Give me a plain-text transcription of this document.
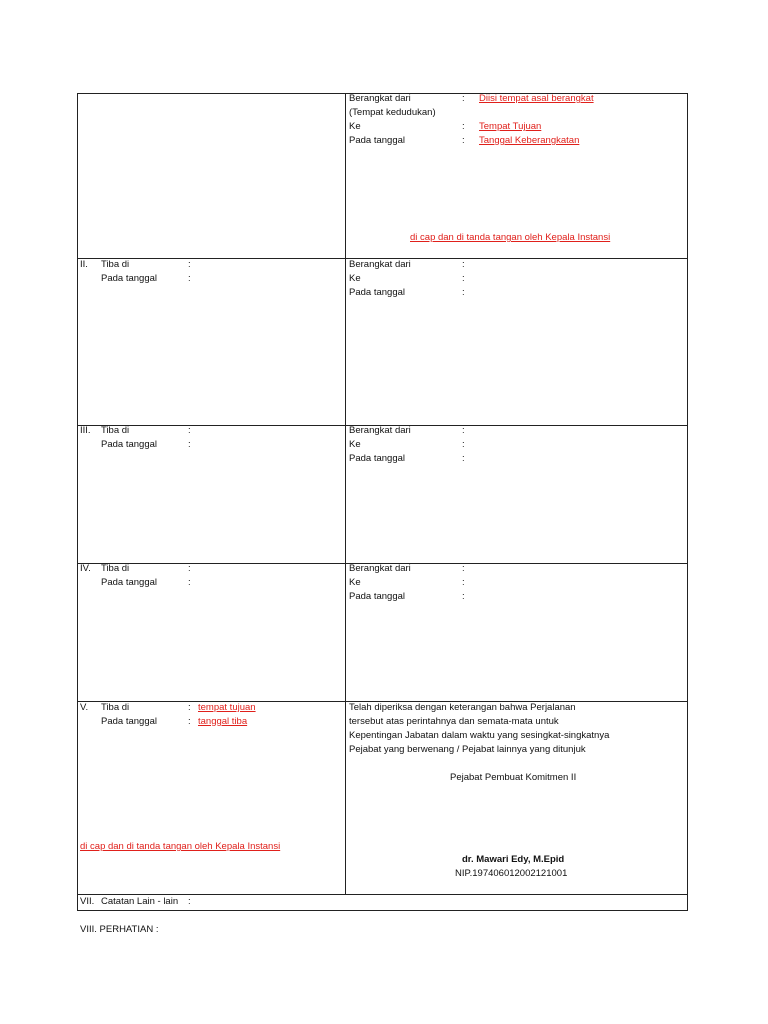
Berangkat dari	: Diisi tempat asal berangkat
(Tempat kedudukan)
Ke	: Tempat Tujuan
Pada tanggal	: Tanggal Keberangkatan
di cap dan di tanda tangan oleh Kepala Instansi
II. Tiba di	:
Pada tanggal	:
Berangkat dari	:
Ke	:
Pada tanggal	:
III. Tiba di	:
Pada tanggal	:
Berangkat dari	:
Ke	:
Pada tanggal	:
IV. Tiba di	:
Pada tanggal	:
Berangkat dari	:
Ke	:
Pada tanggal	:
V. Tiba di	: tempat tujuan
Pada tanggal	: tanggal tiba
di cap dan di tanda tangan oleh Kepala Instansi
Telah diperiksa dengan keterangan bahwa Perjalanan
tersebut atas perintahnya dan semata-mata untuk
Kepentingan Jabatan dalam waktu yang sesingkat-singkatnya
Pejabat yang berwenang / Pejabat lainnya yang ditunjuk
Pejabat Pembuat Komitmen II
dr. Mawari Edy, M.Epid
NIP.197406012002121001
VII. Catatan Lain - lain :
VIII. PERHATIAN :
